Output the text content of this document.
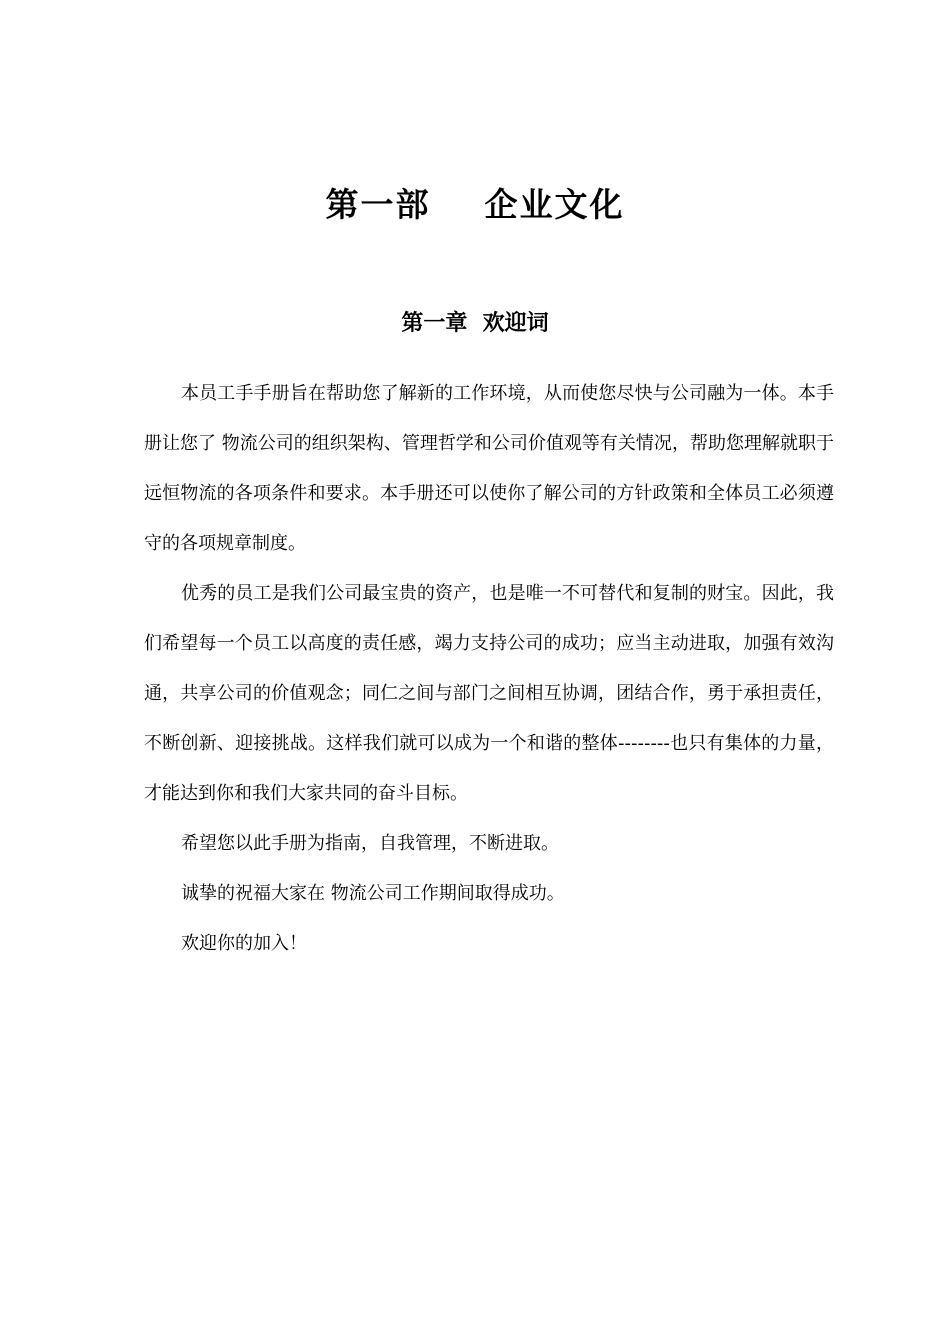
第一部    企业文化
第一章  欢迎词

本员工手手册旨在帮助您了解新的工作环境，从而使您尽快与公司融为一体。本手册让您了 物流公司的组织架构、管理哲学和公司价值观等有关情况，帮助您理解就职于远恒物流的各项条件和要求。本手册还可以使你了解公司的方针政策和全体员工必须遵守的各项规章制度。

优秀的员工是我们公司最宝贵的资产，也是唯一不可替代和复制的财宝。因此，我们希望每一个员工以高度的责任感，竭力支持公司的成功；应当主动进取，加强有效沟通，共享公司的价值观念；同仁之间与部门之间相互协调，团结合作，勇于承担责任，不断创新、迎接挑战。这样我们就可以成为一个和谐的整体--------也只有集体的力量，才能达到你和我们大家共同的奋斗目标。

希望您以此手册为指南，自我管理，不断进取。

诚挚的祝福大家在 物流公司工作期间取得成功。

欢迎你的加入！
